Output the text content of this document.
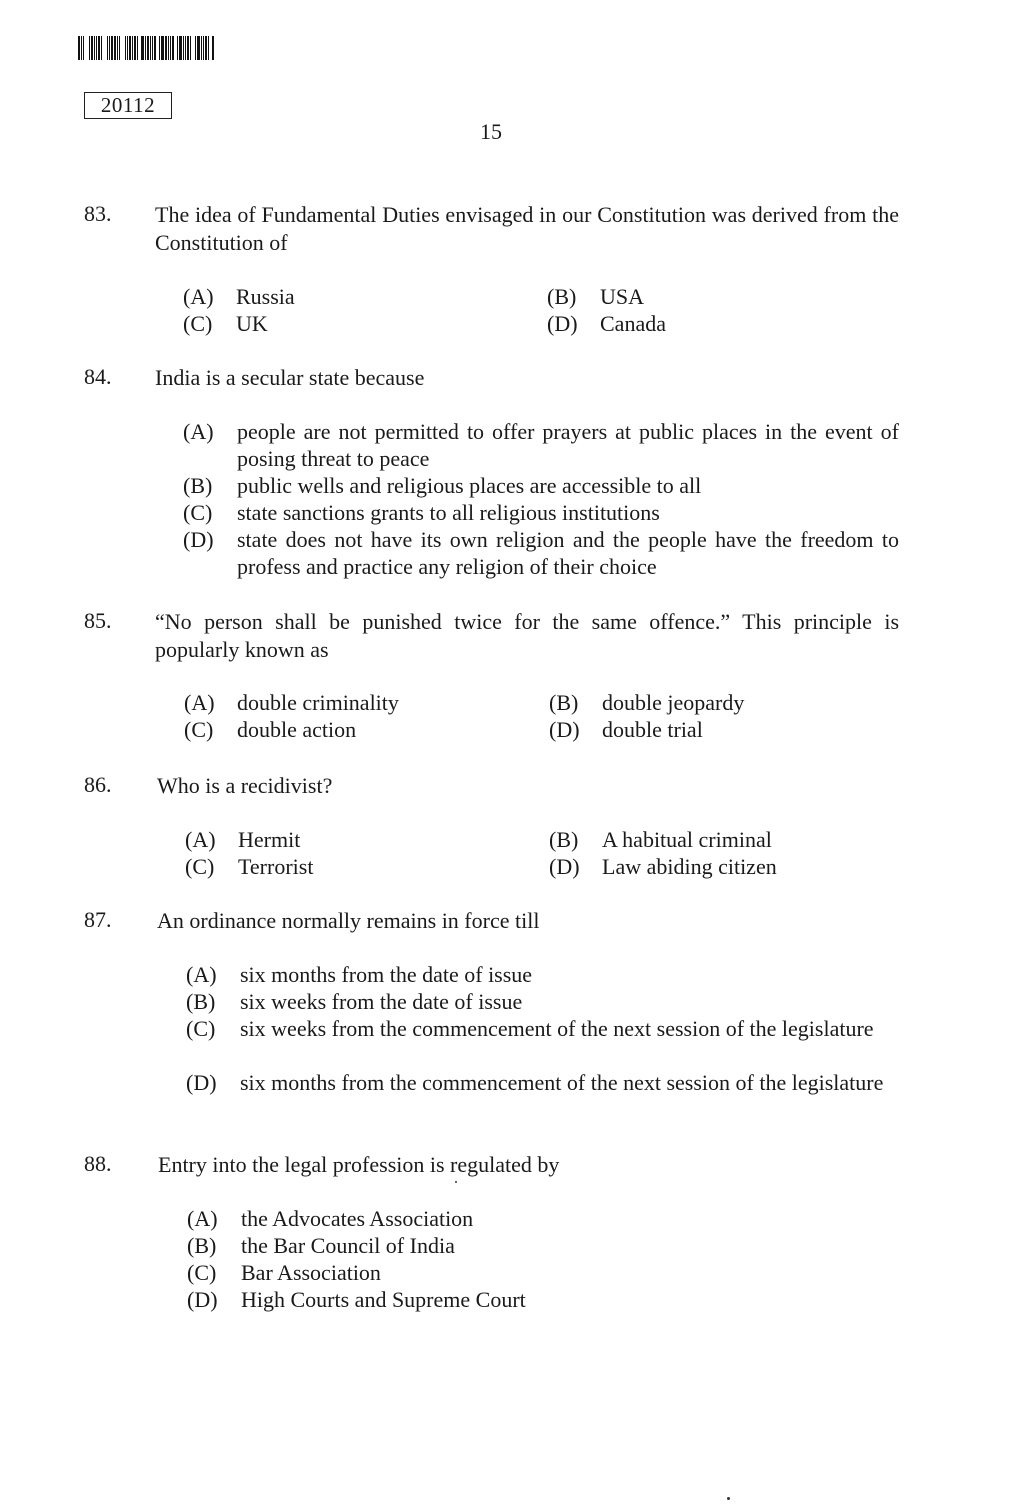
20112
15
83. The idea of Fundamental Duties envisaged in our Constitution was derived from the Constitution of
(A) Russia	(B) USA
(C) UK	(D) Canada
84. India is a secular state because
(A) people are not permitted to offer prayers at public places in the event of posing threat to peace
(B) public wells and religious places are accessible to all
(C) state sanctions grants to all religious institutions
(D) state does not have its own religion and the people have the freedom to profess and practice any religion of their choice
85. “No person shall be punished twice for the same offence.” This principle is popularly known as
(A) double criminality	(B) double jeopardy
(C) double action	(D) double trial
86. Who is a recidivist?
(A) Hermit	(B) A habitual criminal
(C) Terrorist	(D) Law abiding citizen
87. An ordinance normally remains in force till
(A) six months from the date of issue
(B) six weeks from the date of issue
(C) six weeks from the commencement of the next session of the legislature
(D) six months from the commencement of the next session of the legislature
88. Entry into the legal profession is regulated by
(A) the Advocates Association
(B) the Bar Council of India
(C) Bar Association
(D) High Courts and Supreme Court
